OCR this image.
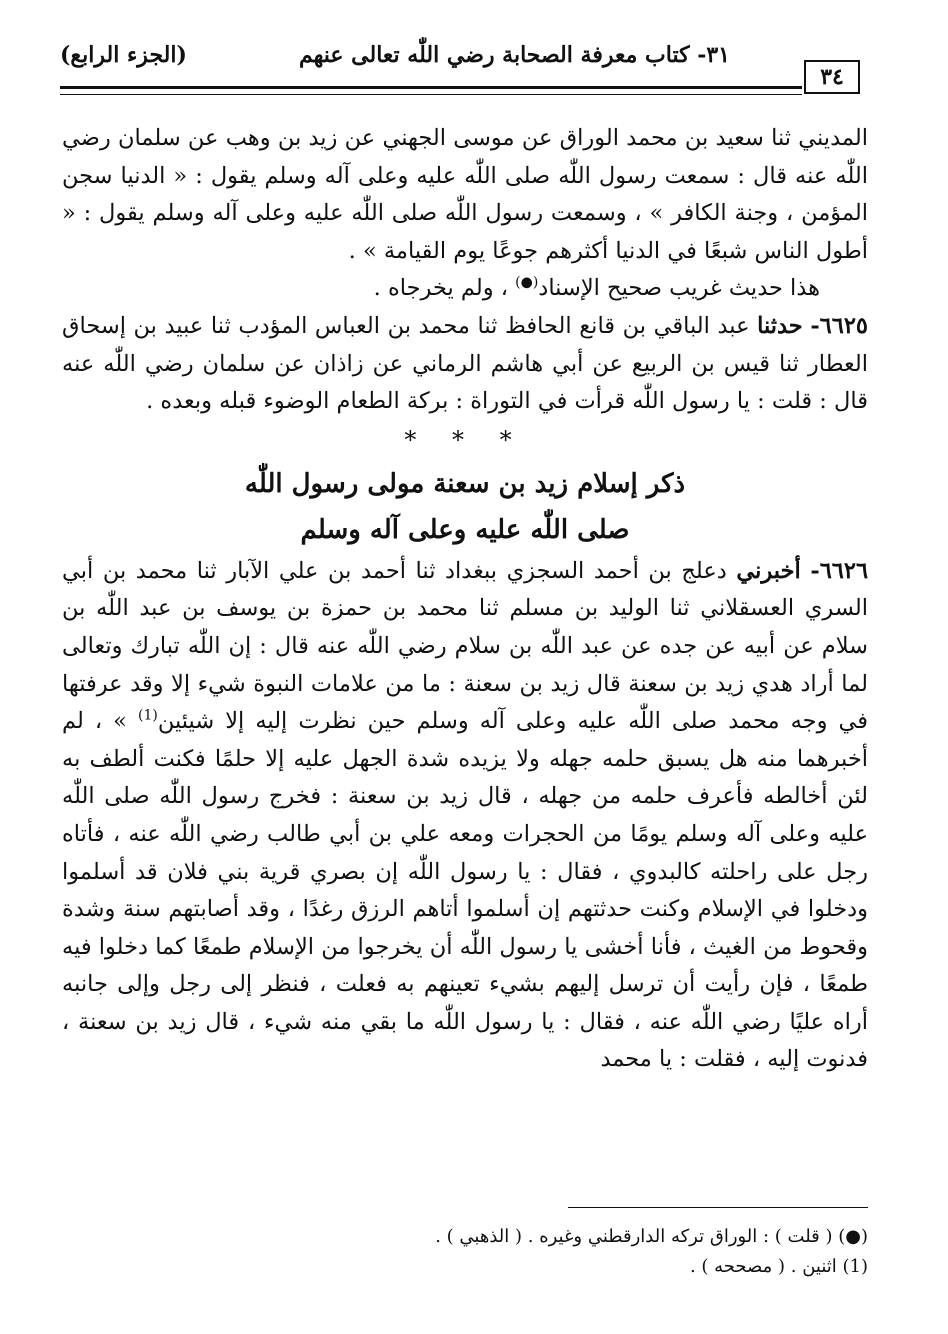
٣١- كتاب معرفة الصحابة رضي اللّٰه تعالى عنهم
(الجزء الرابع)
٣٤

المديني ثنا سعيد بن محمد الوراق عن موسى الجهني عن زيد بن وهب عن سلمان رضي اللّٰه عنه قال : سمعت رسول اللّٰه صلى اللّٰه عليه وعلى آله وسلم يقول : « الدنيا سجن المؤمن ، وجنة الكافر » ، وسمعت رسول اللّٰه صلى اللّٰه عليه وعلى آله وسلم يقول : « أطول الناس شبعًا في الدنيا أكثرهم جوعًا يوم القيامة » .

هذا حديث غريب صحيح الإسناد(●) ، ولم يخرجاه .

٦٦٢٥- حدثنا عبد الباقي بن قانع الحافظ ثنا محمد بن العباس المؤدب ثنا عبيد بن إسحاق العطار ثنا قيس بن الربيع عن أبي هاشم الرماني عن زاذان عن سلمان رضي اللّٰه عنه قال : قلت : يا رسول اللّٰه قرأت في التوراة : بركة الطعام الوضوء قبله وبعده .

* * *

ذكر إسلام زيد بن سعنة مولى رسول اللّٰه

صلى اللّٰه عليه وعلى آله وسلم

٦٦٢٦- أخبرني دعلج بن أحمد السجزي ببغداد ثنا أحمد بن علي الآبار ثنا محمد بن أبي السري العسقلاني ثنا الوليد بن مسلم ثنا محمد بن حمزة بن يوسف بن عبد اللّٰه بن سلام عن أبيه عن جده عن عبد اللّٰه بن سلام رضي اللّٰه عنه قال : إن اللّٰه تبارك وتعالى لما أراد هدي زيد بن سعنة قال زيد بن سعنة : ما من علامات النبوة شيء إلا وقد عرفتها في وجه محمد صلى اللّٰه عليه وعلى آله وسلم حين نظرت إليه إلا شيئين$^{(1)}$ » ، لم أخبرهما منه هل يسبق حلمه جهله ولا يزيده شدة الجهل عليه إلا حلمًا فكنت ألطف به لئن أخالطه فأعرف حلمه من جهله ، قال زيد بن سعنة : فخرج رسول اللّٰه صلى اللّٰه عليه وعلى آله وسلم يومًا من الحجرات ومعه علي بن أبي طالب رضي اللّٰه عنه ، فأتاه رجل على راحلته كالبدوي ، فقال : يا رسول اللّٰه إن بصري قرية بني فلان قد أسلموا ودخلوا في الإسلام وكنت حدثتهم إن أسلموا أتاهم الرزق رغدًا ، وقد أصابتهم سنة وشدة وقحوط من الغيث ، فأنا أخشى يا رسول اللّٰه أن يخرجوا من الإسلام طمعًا كما دخلوا فيه طمعًا ، فإن رأيت أن ترسل إليهم بشيء تعينهم به فعلت ، فنظر إلى رجل وإلى جانبه أراه عليًا رضي اللّٰه عنه ، فقال : يا رسول اللّٰه ما بقي منه شيء ، قال زيد بن سعنة ، فدنوت إليه ، فقلت : يا محمد

(●) ( قلت ) : الوراق تركه الدارقطني وغيره . ( الذهبي ) .

(1) اثنين . ( مصححه ) .
